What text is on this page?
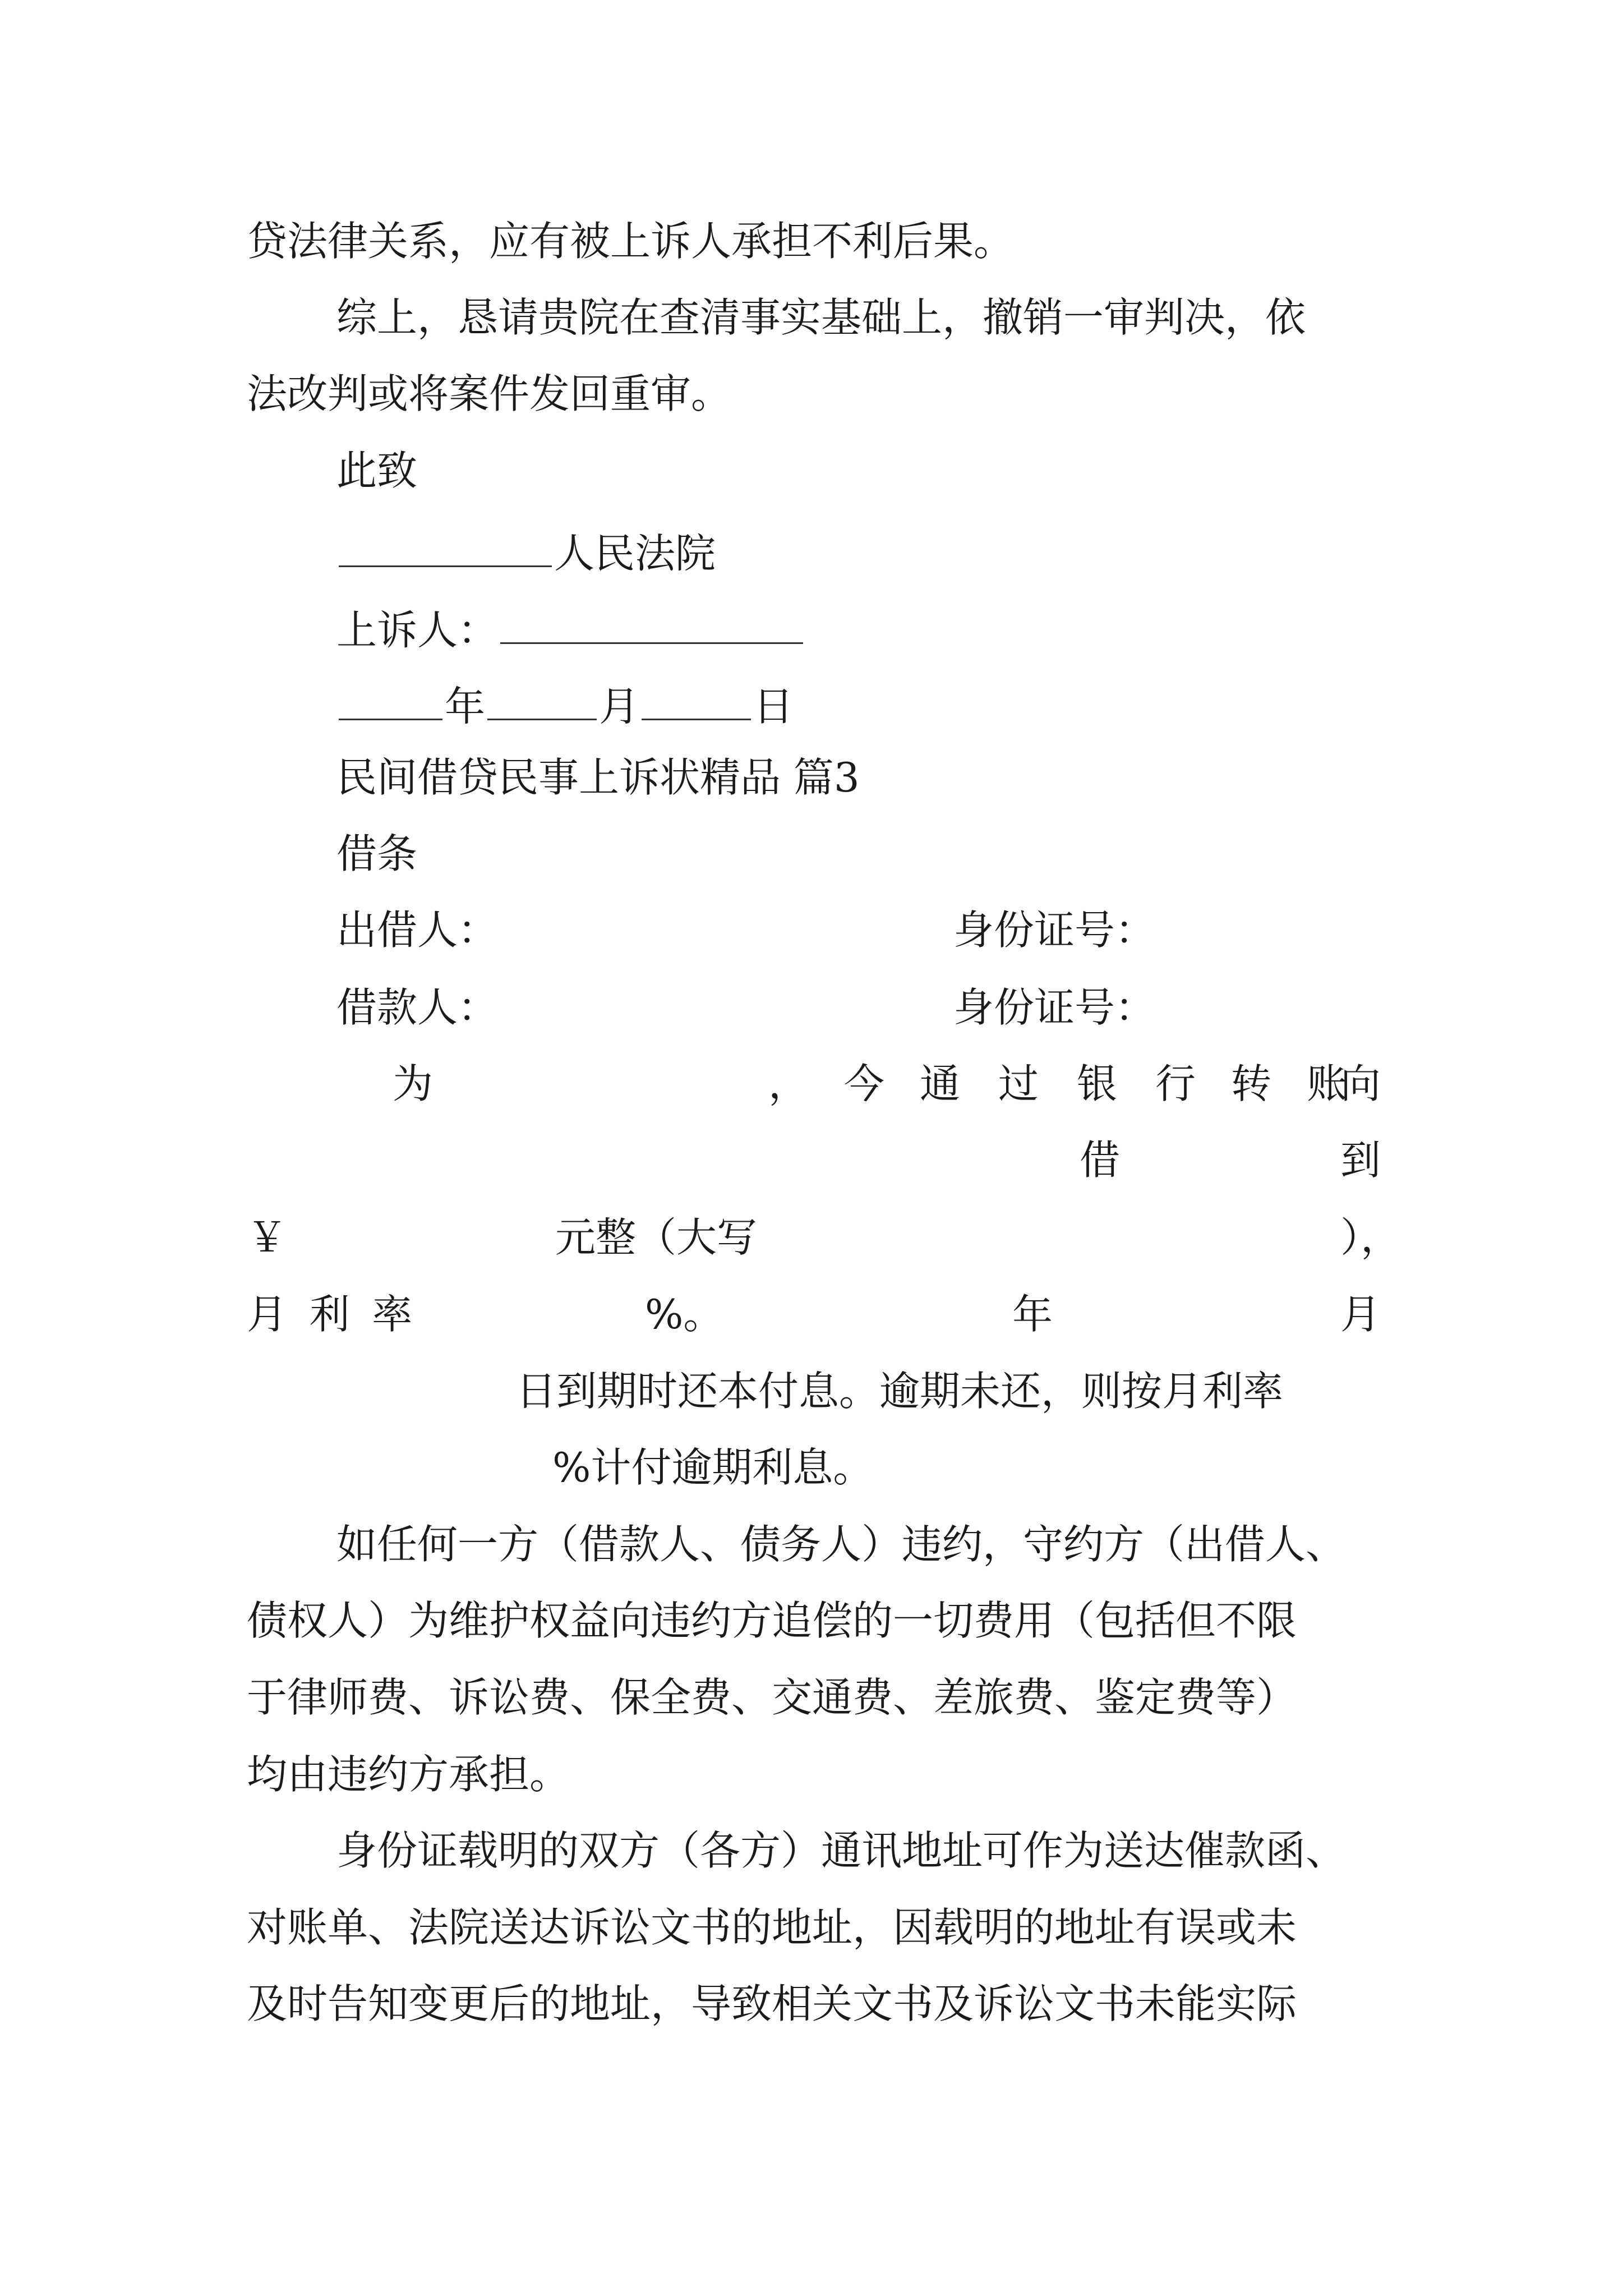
贷法律关系，应有被上诉人承担不利后果。
综上，恳请贵院在查清事实基础上，撤销一审判决，依
法改判或将案件发回重审。
此致
人民法院
上诉人：
年	月	日
民间借贷民事上诉状精品 篇3
借条
出借人：	身份证号：
借款人：	身份证号：
为	， 今 通 过 银 行 转 账
向
借	到
￥	元整（大写	），
月利率	%。	年	月
日到期时还本付息。逾期未还，则按月利率
%计付逾期利息。
如任何一方（借款人、债务人）违约，守约方（出借人、
债权人）为维护权益向违约方追偿的一切费用（包括但不限
于律师费、诉讼费、保全费、交通费、差旅费、鉴定费等）
均由违约方承担。
身份证载明的双方（各方）通讯地址可作为送达催款函、
对账单、法院送达诉讼文书的地址，因载明的地址有误或未
及时告知变更后的地址，导致相关文书及诉讼文书未能实际
